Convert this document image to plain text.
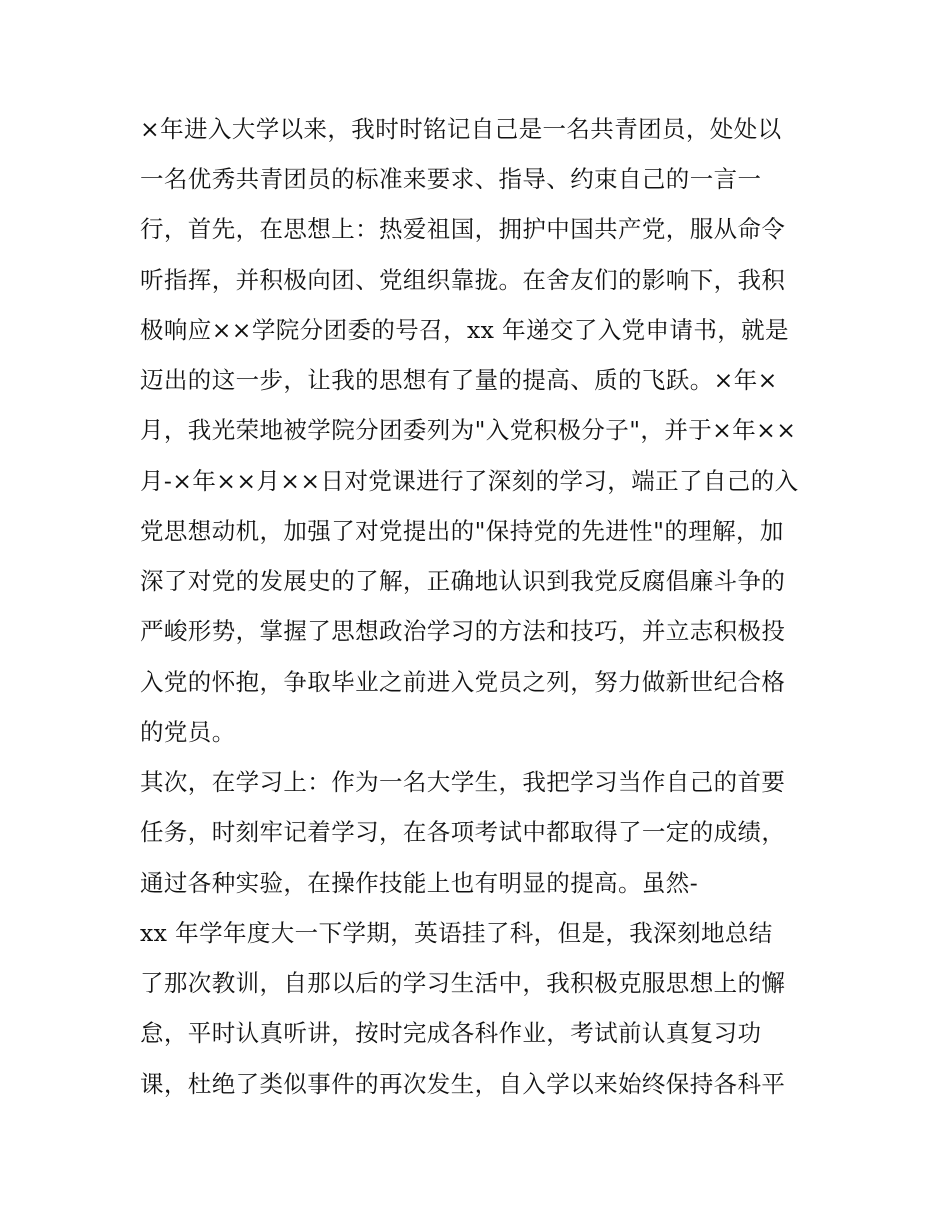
×年进入大学以来，我时时铭记自己是一名共青团员，处处以
一名优秀共青团员的标准来要求、指导、约束自己的一言一
行，首先，在思想上：热爱祖国，拥护中国共产党，服从命令
听指挥，并积极向团、党组织靠拢。在舍友们的影响下，我积
极响应××学院分团委的号召，xx 年递交了入党申请书，就是
迈出的这一步，让我的思想有了量的提高、质的飞跃。×年×
月，我光荣地被学院分团委列为"入党积极分子"，并于×年××
月-×年××月××日对党课进行了深刻的学习，端正了自己的入
党思想动机，加强了对党提出的"保持党的先进性"的理解，加
深了对党的发展史的了解，正确地认识到我党反腐倡廉斗争的
严峻形势，掌握了思想政治学习的方法和技巧，并立志积极投
入党的怀抱，争取毕业之前进入党员之列，努力做新世纪合格
的党员。
其次，在学习上：作为一名大学生，我把学习当作自己的首要
任务，时刻牢记着学习，在各项考试中都取得了一定的成绩，
通过各种实验，在操作技能上也有明显的提高。虽然-
xx 年学年度大一下学期，英语挂了科，但是，我深刻地总结
了那次教训，自那以后的学习生活中，我积极克服思想上的懈
怠，平时认真听讲，按时完成各科作业，考试前认真复习功
课，杜绝了类似事件的再次发生，自入学以来始终保持各科平
